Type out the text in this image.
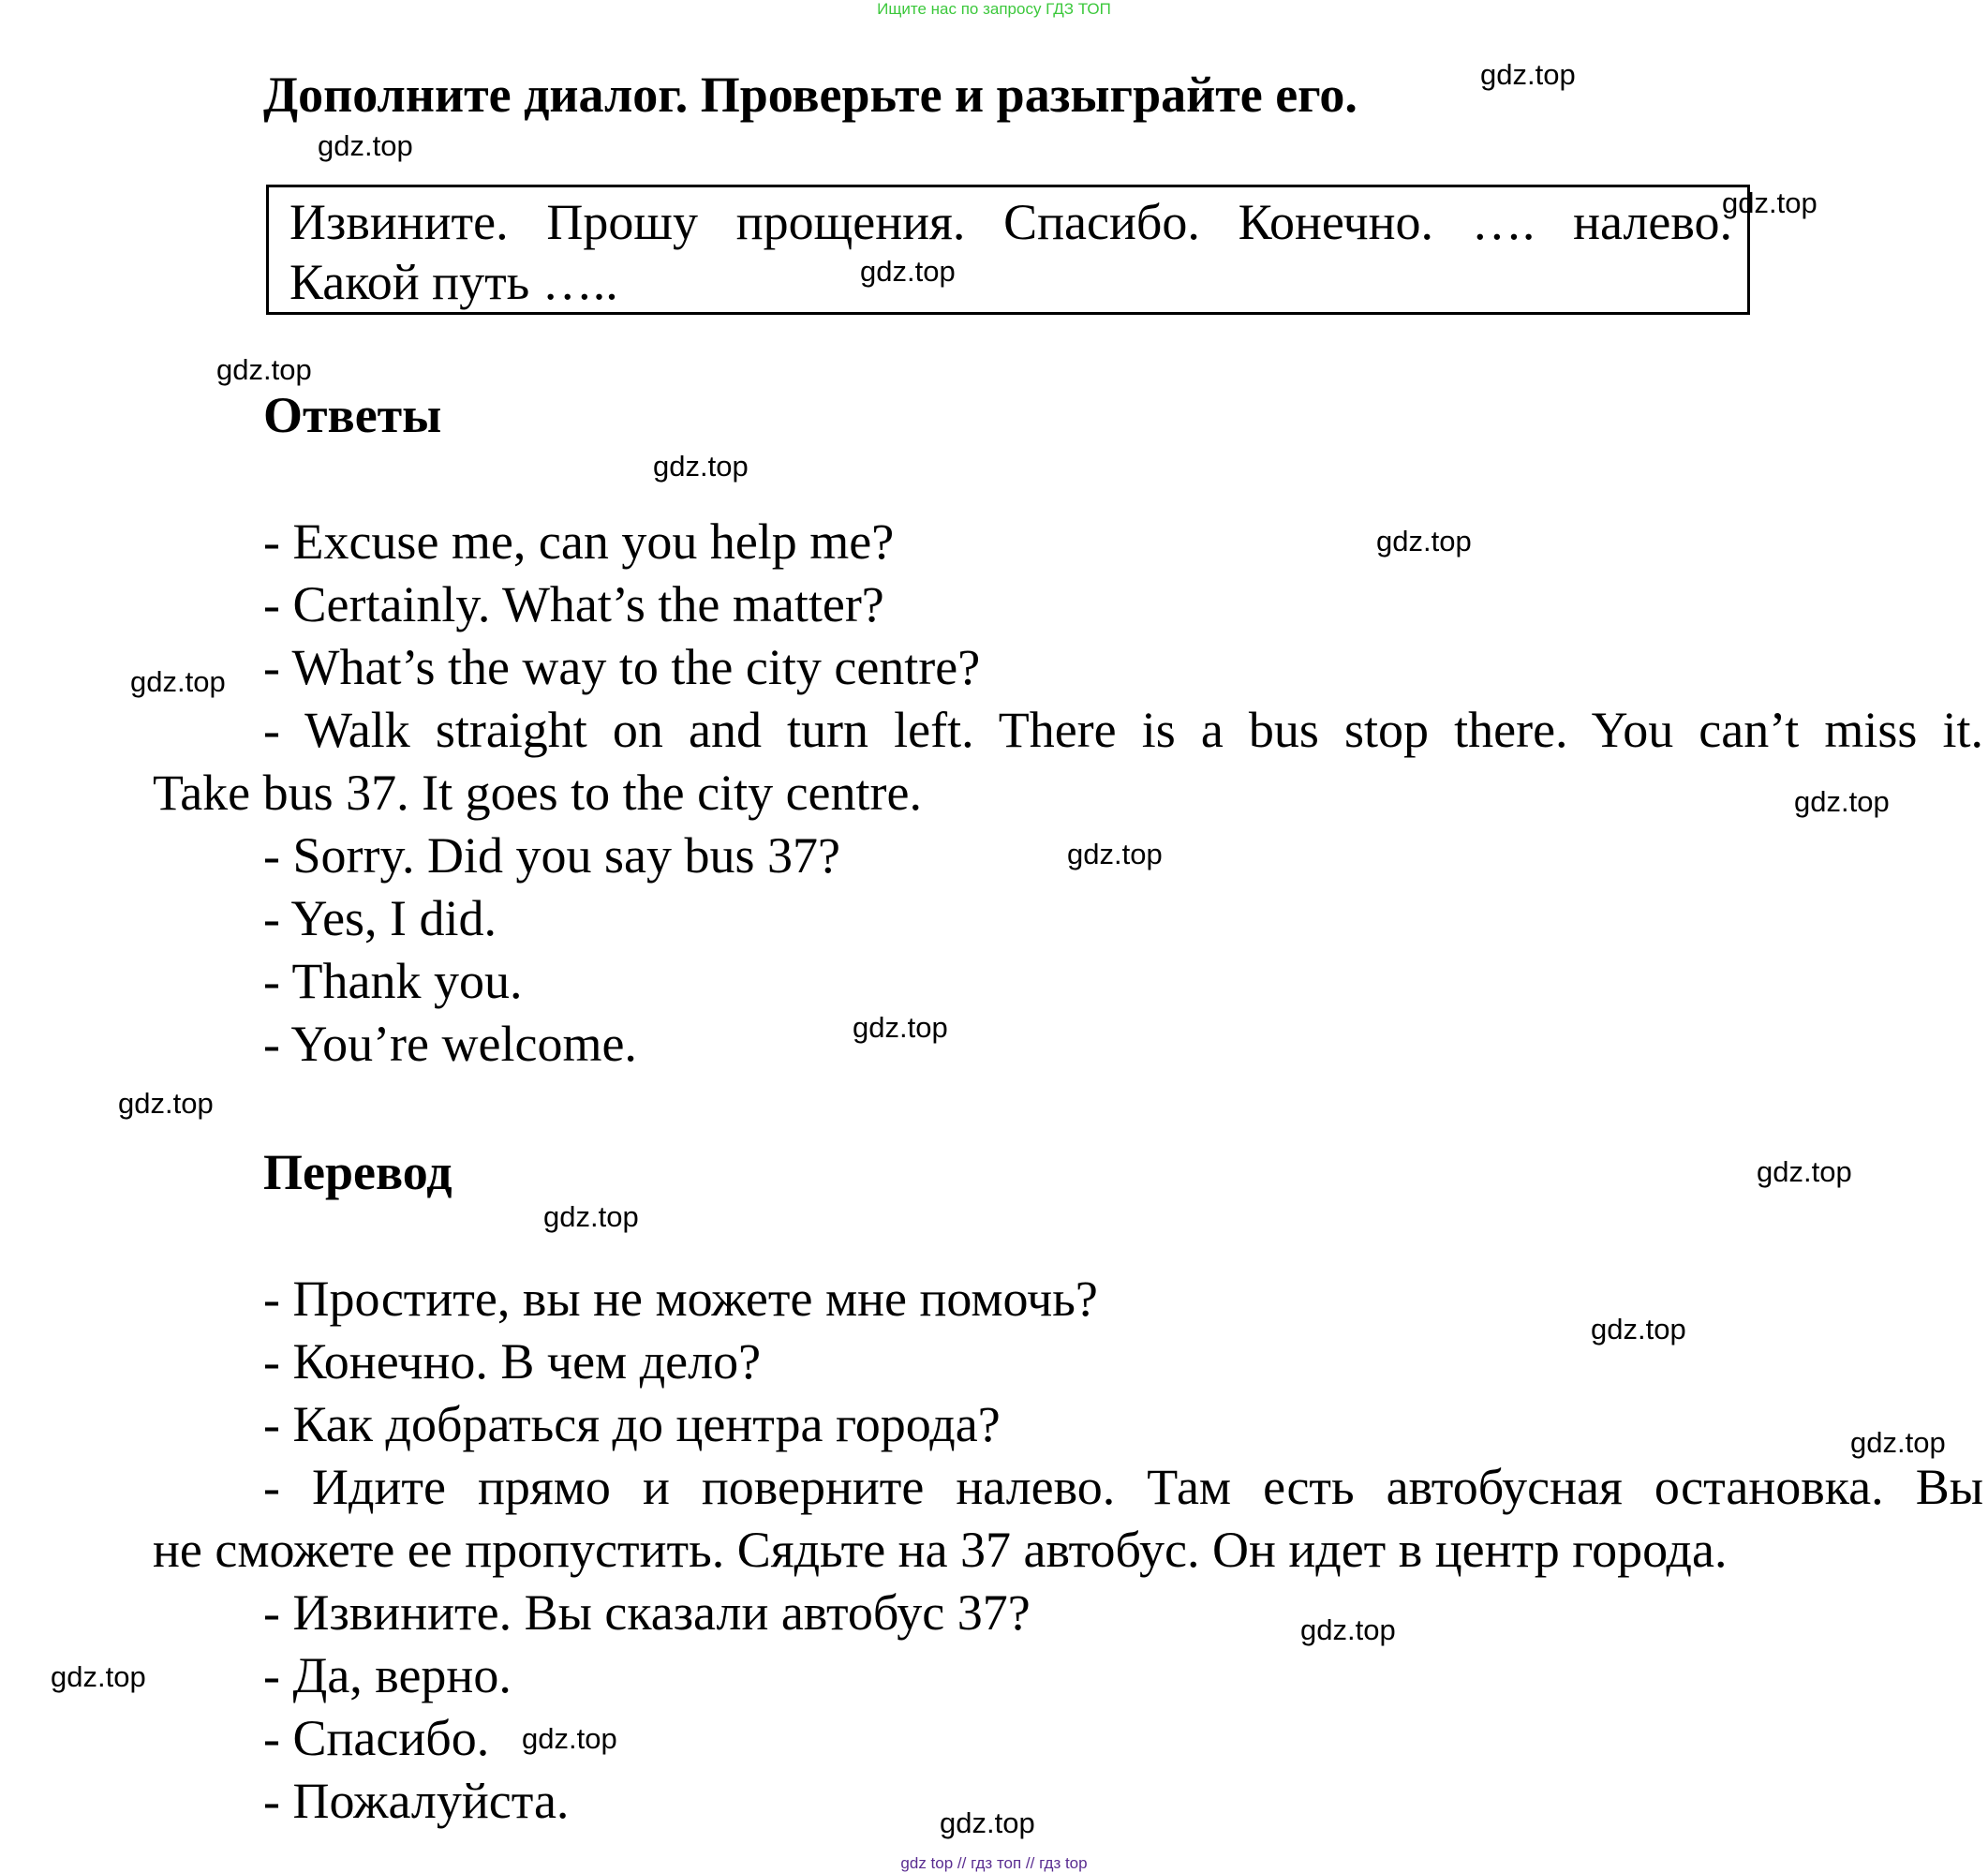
Ищите нас по запросу ГДЗ ТОП
Дополните диалог. Проверьте и разыграйте его.
Извините. Прошу прощения. Спасибо. Конечно. …. налево.
Какой путь …..
Ответы
- Excuse me, can you help me?
- Certainly. What’s the matter?
- What’s the way to the city centre?
- Walk straight on and turn left. There is a bus stop there. You can’t miss it.
Take bus 37. It goes to the city centre.
- Sorry. Did you say bus 37?
- Yes, I did.
- Thank you.
- You’re welcome.
Перевод
- Простите, вы не можете мне помочь?
- Конечно. В чем дело?
- Как добраться до центра города?
- Идите прямо и поверните налево. Там есть автобусная остановка. Вы
не сможете ее пропустить. Сядьте на 37 автобус. Он идет в центр города.
- Извините. Вы сказали автобус 37?
- Да, верно.
- Спасибо.
- Пожалуйста.
gdz.top
gdz.top
gdz.top
gdz.top
gdz.top
gdz.top
gdz.top
gdz.top
gdz.top
gdz.top
gdz.top
gdz.top
gdz.top
gdz.top
gdz.top
gdz.top
gdz.top
gdz.top
gdz.top
gdz.top
gdz top // гдз топ // гдз top
